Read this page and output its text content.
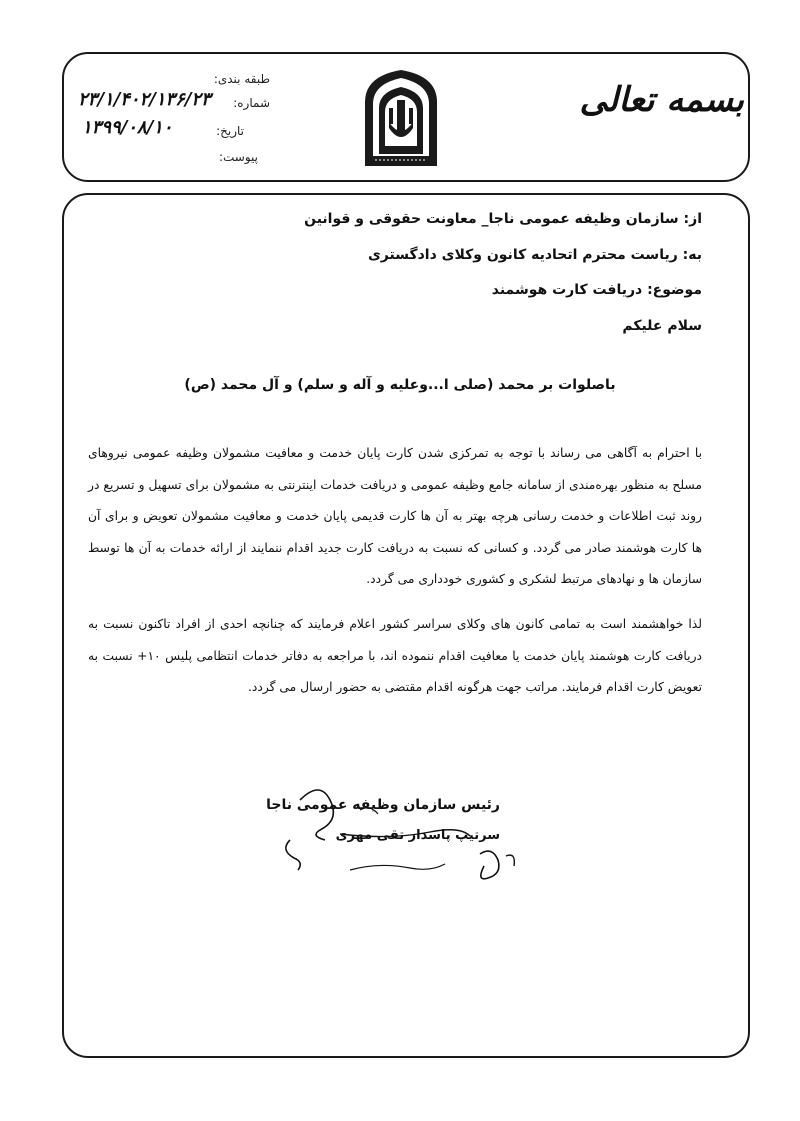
بسمه تعالی
طبقه بندی:
شماره:
۲۳/۱/۴۰۲/۱۳۶/۲۳
تاریخ:
۱۳۹۹/۰۸/۱۰
پیوست:
از: سازمان وظیفه عمومی ناجا_ معاونت حقوقی و قوانین
به: ریاست محترم اتحادیه کانون وکلای دادگستری
موضوع: دریافت کارت هوشمند
سلام علیکم
باصلوات بر محمد (صلی ا...وعلیه و آله و سلم) و آل محمد (ص)
با احترام به آگاهی می رساند با توجه به تمرکزی شدن کارت پایان خدمت و معافیت مشمولان وظیفه عمومی نیروهای مسلح به منظور بهره‌مندی از سامانه جامع وظیفه عمومی و دریافت خدمات اینترنتی به مشمولان برای تسهیل و تسریع در روند ثبت اطلاعات و خدمت رسانی هرچه بهتر به آن ها کارت قدیمی پایان خدمت و معافیت مشمولان تعویض و برای آن ها کارت هوشمند صادر می گردد. و کسانی که نسبت به دریافت کارت جدید اقدام ننمایند از ارائه خدمات به آن ها توسط سازمان ها و نهادهای مرتبط لشکری و کشوری خودداری می گردد.
لذا خواهشمند است به تمامی کانون های وکلای سراسر کشور اعلام فرمایند که چنانچه احدی از افراد تاکنون نسبت به دریافت کارت هوشمند پایان خدمت یا معافیت اقدام ننموده اند، با مراجعه به دفاتر خدمات انتظامی پلیس ۱۰+ نسبت به تعویض کارت اقدام فرمایند. مراتب جهت هرگونه اقدام مقتضی به حضور ارسال می گردد.
رئیس سازمان وظیفه عمومی ناجا
سرتیپ پاسدار تقی مهری
